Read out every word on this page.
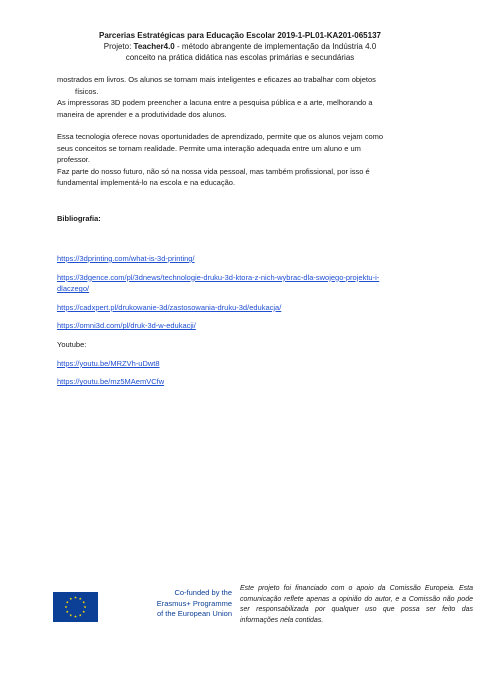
Parcerias Estratégicas para Educação Escolar 2019-1-PL01-KA201-065137
Projeto: Teacher4.0 - método abrangente de implementação da Indústria 4.0
conceito na prática didática nas escolas primárias e secundárias

mostrados em livros. Os alunos se tornam mais inteligentes e eficazes ao trabalhar com objetos

físicos.

As impressoras 3D podem preencher a lacuna entre a pesquisa pública e a arte, melhorando a

maneira de aprender e a produtividade dos alunos.

Essa tecnologia oferece novas oportunidades de aprendizado, permite que os alunos vejam como

seus conceitos se tornam realidade. Permite uma interação adequada entre um aluno e um

professor.

Faz parte do nosso futuro, não só na nossa vida pessoal, mas também profissional, por isso é

fundamental implementá-lo na escola e na educação.

Bibliografia:
https://3dprinting.com/what-is-3d-printing/
https://3dgence.com/pl/3dnews/technologie-druku-3d-ktora-z-nich-wybrac-dla-swojego-projektu-i-
dlaczego/
https://cadxpert.pl/drukowanie-3d/zastosowania-druku-3d/edukacja/
https://omni3d.com/pl/druk-3d-w-edukacji/
Youtube:
https://youtu.be/MRZVh-uDwt8
https://youtu.be/mz5MAemVCfw
Co-funded by the
Erasmus+ Programme
of the European Union
Este projeto foi financiado com o apoio da Comissão Europeia. Esta comunicação reflete apenas a opinião do autor, e a Comissão não pode ser responsabilizada por qualquer uso que possa ser feito das informações nela contidas.
